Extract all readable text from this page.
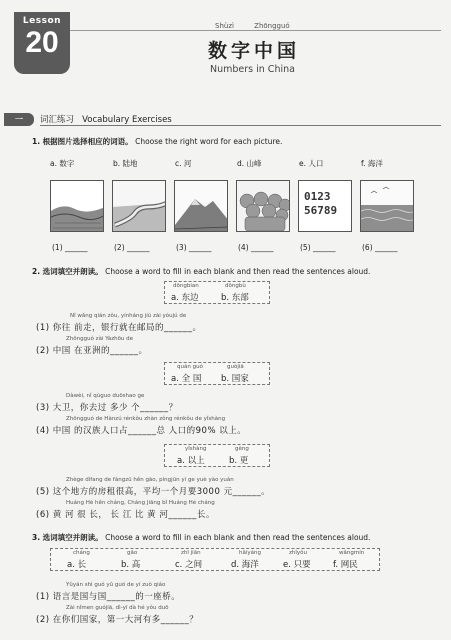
Lesson
20	Shùzì Zhōngguó
数字中国
Numbers in China
一	词汇练习 Vocabulary Exercises
1. 根据图片选择相应的词语。 Choose the right word for each picture.
a. 数字	b. 陆地	c. 河	d. 山峰	e. 人口	f. 海洋
0123
56789
(1) ______	(2) ______	(3) ______	(4) ______	(5) ______	(6) ______
2. 选词填空并朗读。 Choose a word to fill in each blank and then read the sentences aloud.
dōngbian	dōngbù
a. 东边	b. 东部
Nǐ wǎng qián zǒu, yínháng jiù zài yóujú de
(1) 你往 前走，银行就在邮局的______。
Zhōngguó zài Yàzhōu de
(2) 中国 在亚洲的______。
quán guó	guójiā
a. 全 国 b. 国家
Dàwèi, nǐ qùguo duōshao ge
(3) 大卫，你去过 多少 个______？
Zhōngguó de Hànzú rénkǒu zhàn zǒng rénkǒu de yǐshàng
(4) 中国 的汉族人口占______总 人口的90% 以上。
yǐshàng	gèng
a. 以上	b. 更
Zhège dìfang de fángzū hěn gāo, píngjūn yí ge yuè yào yuán
(5) 这个地方的房租很高，平均一个月要3000 元______。
Huáng Hé hěn cháng, Cháng Jiāng bǐ Huáng Hé cháng
(6) 黄 河 很 长， 长 江 比 黄 河______长。
3. 选词填空并朗读。 Choose a word to fill in each blank and then read the sentences aloud.
cháng	gāo	zhī jiān	hǎiyáng	zhǐyǒu	wǎngmín
a. 长	b. 高	c. 之间	d. 海洋	e. 只要	f. 网民
Yǔyán shì guó yǔ guó de yí zuò qiáo
(1) 语言是国与国______的一座桥。
Zài nǐmen guójiā, dì-yī dà hé yǒu duō
(2) 在你们国家，第一大河有多______？
